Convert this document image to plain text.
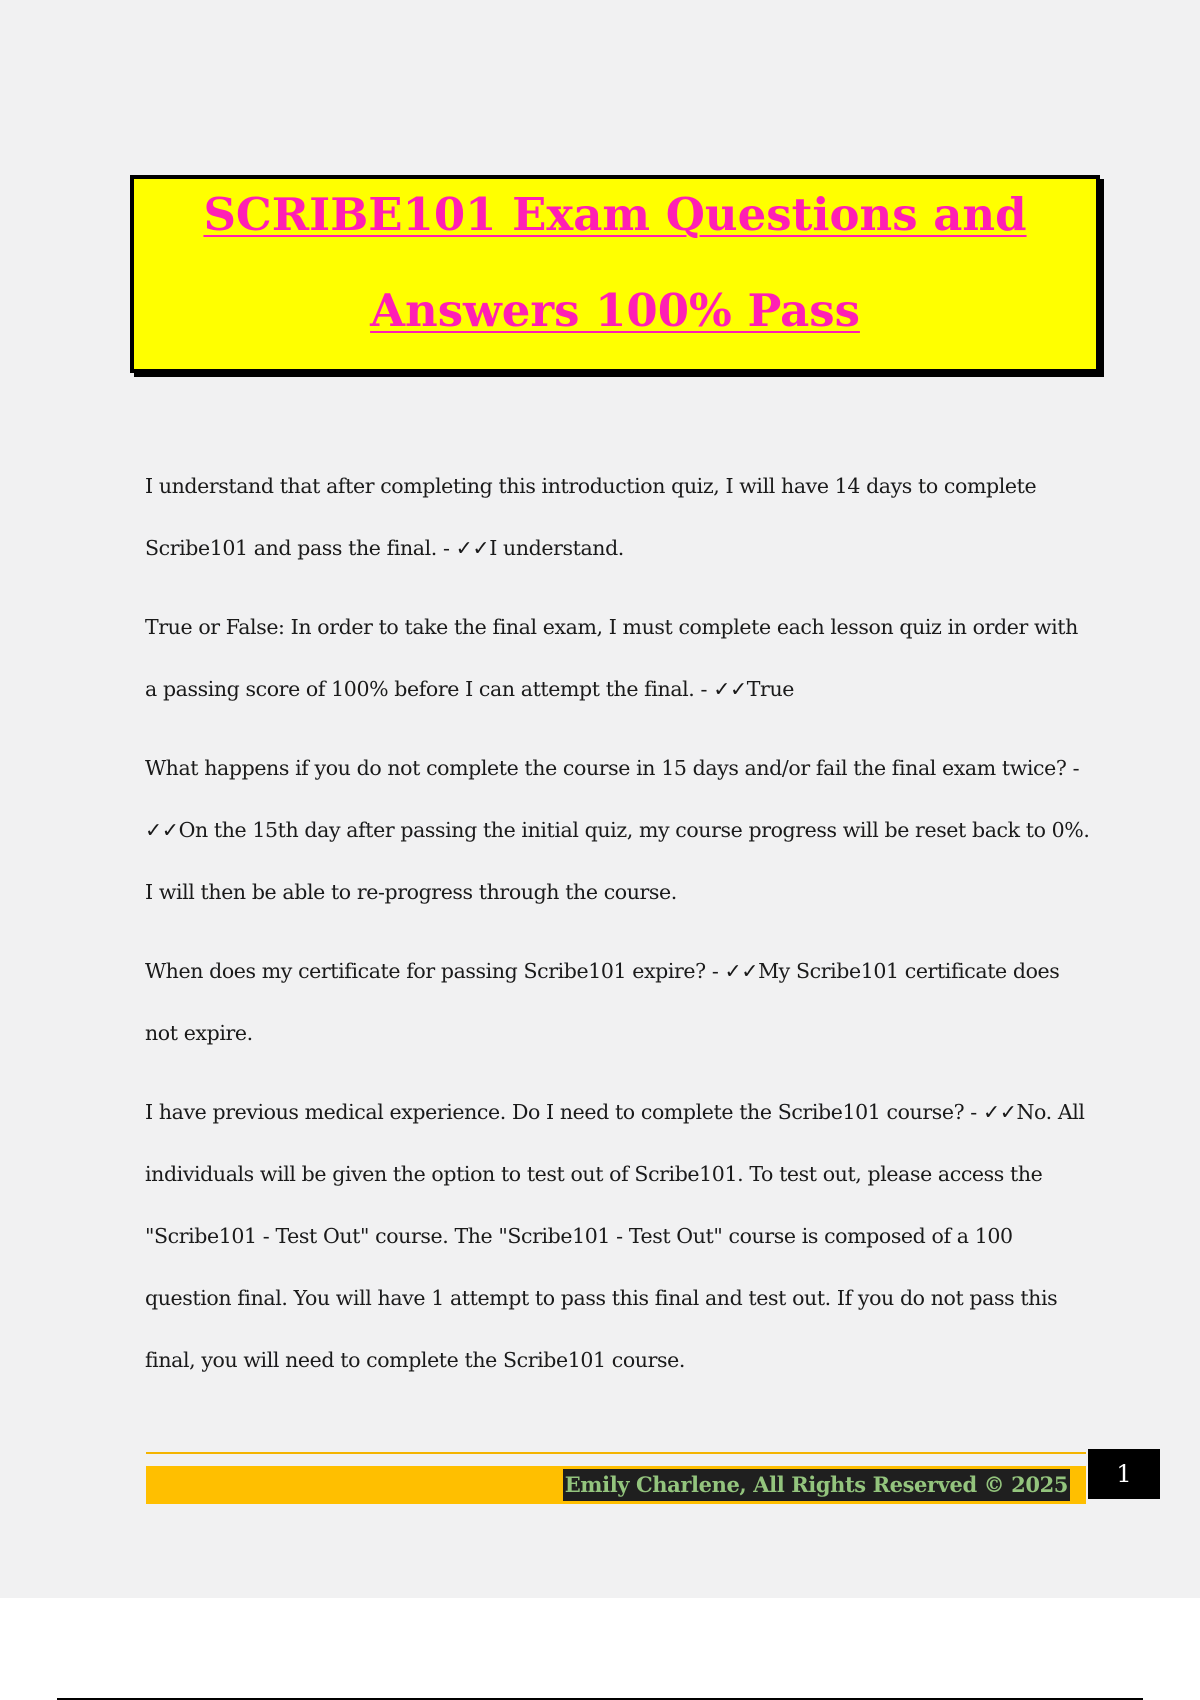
SCRIBE101 Exam Questions and
Answers 100% Pass

I understand that after completing this introduction quiz, I will have 14 days to complete Scribe101 and pass the final. - ✓✓I understand.

True or False: In order to take the final exam, I must complete each lesson quiz in order with a passing score of 100% before I can attempt the final. - ✓✓True

What happens if you do not complete the course in 15 days and/or fail the final exam twice? - ✓✓On the 15th day after passing the initial quiz, my course progress will be reset back to 0%. I will then be able to re-progress through the course.

When does my certificate for passing Scribe101 expire? - ✓✓My Scribe101 certificate does not expire.

I have previous medical experience. Do I need to complete the Scribe101 course? - ✓✓No. All individuals will be given the option to test out of Scribe101. To test out, please access the "Scribe101 - Test Out" course. The "Scribe101 - Test Out" course is composed of a 100 question final. You will have 1 attempt to pass this final and test out. If you do not pass this final, you will need to complete the Scribe101 course.

Emily Charlene, All Rights Reserved © 2025	1
